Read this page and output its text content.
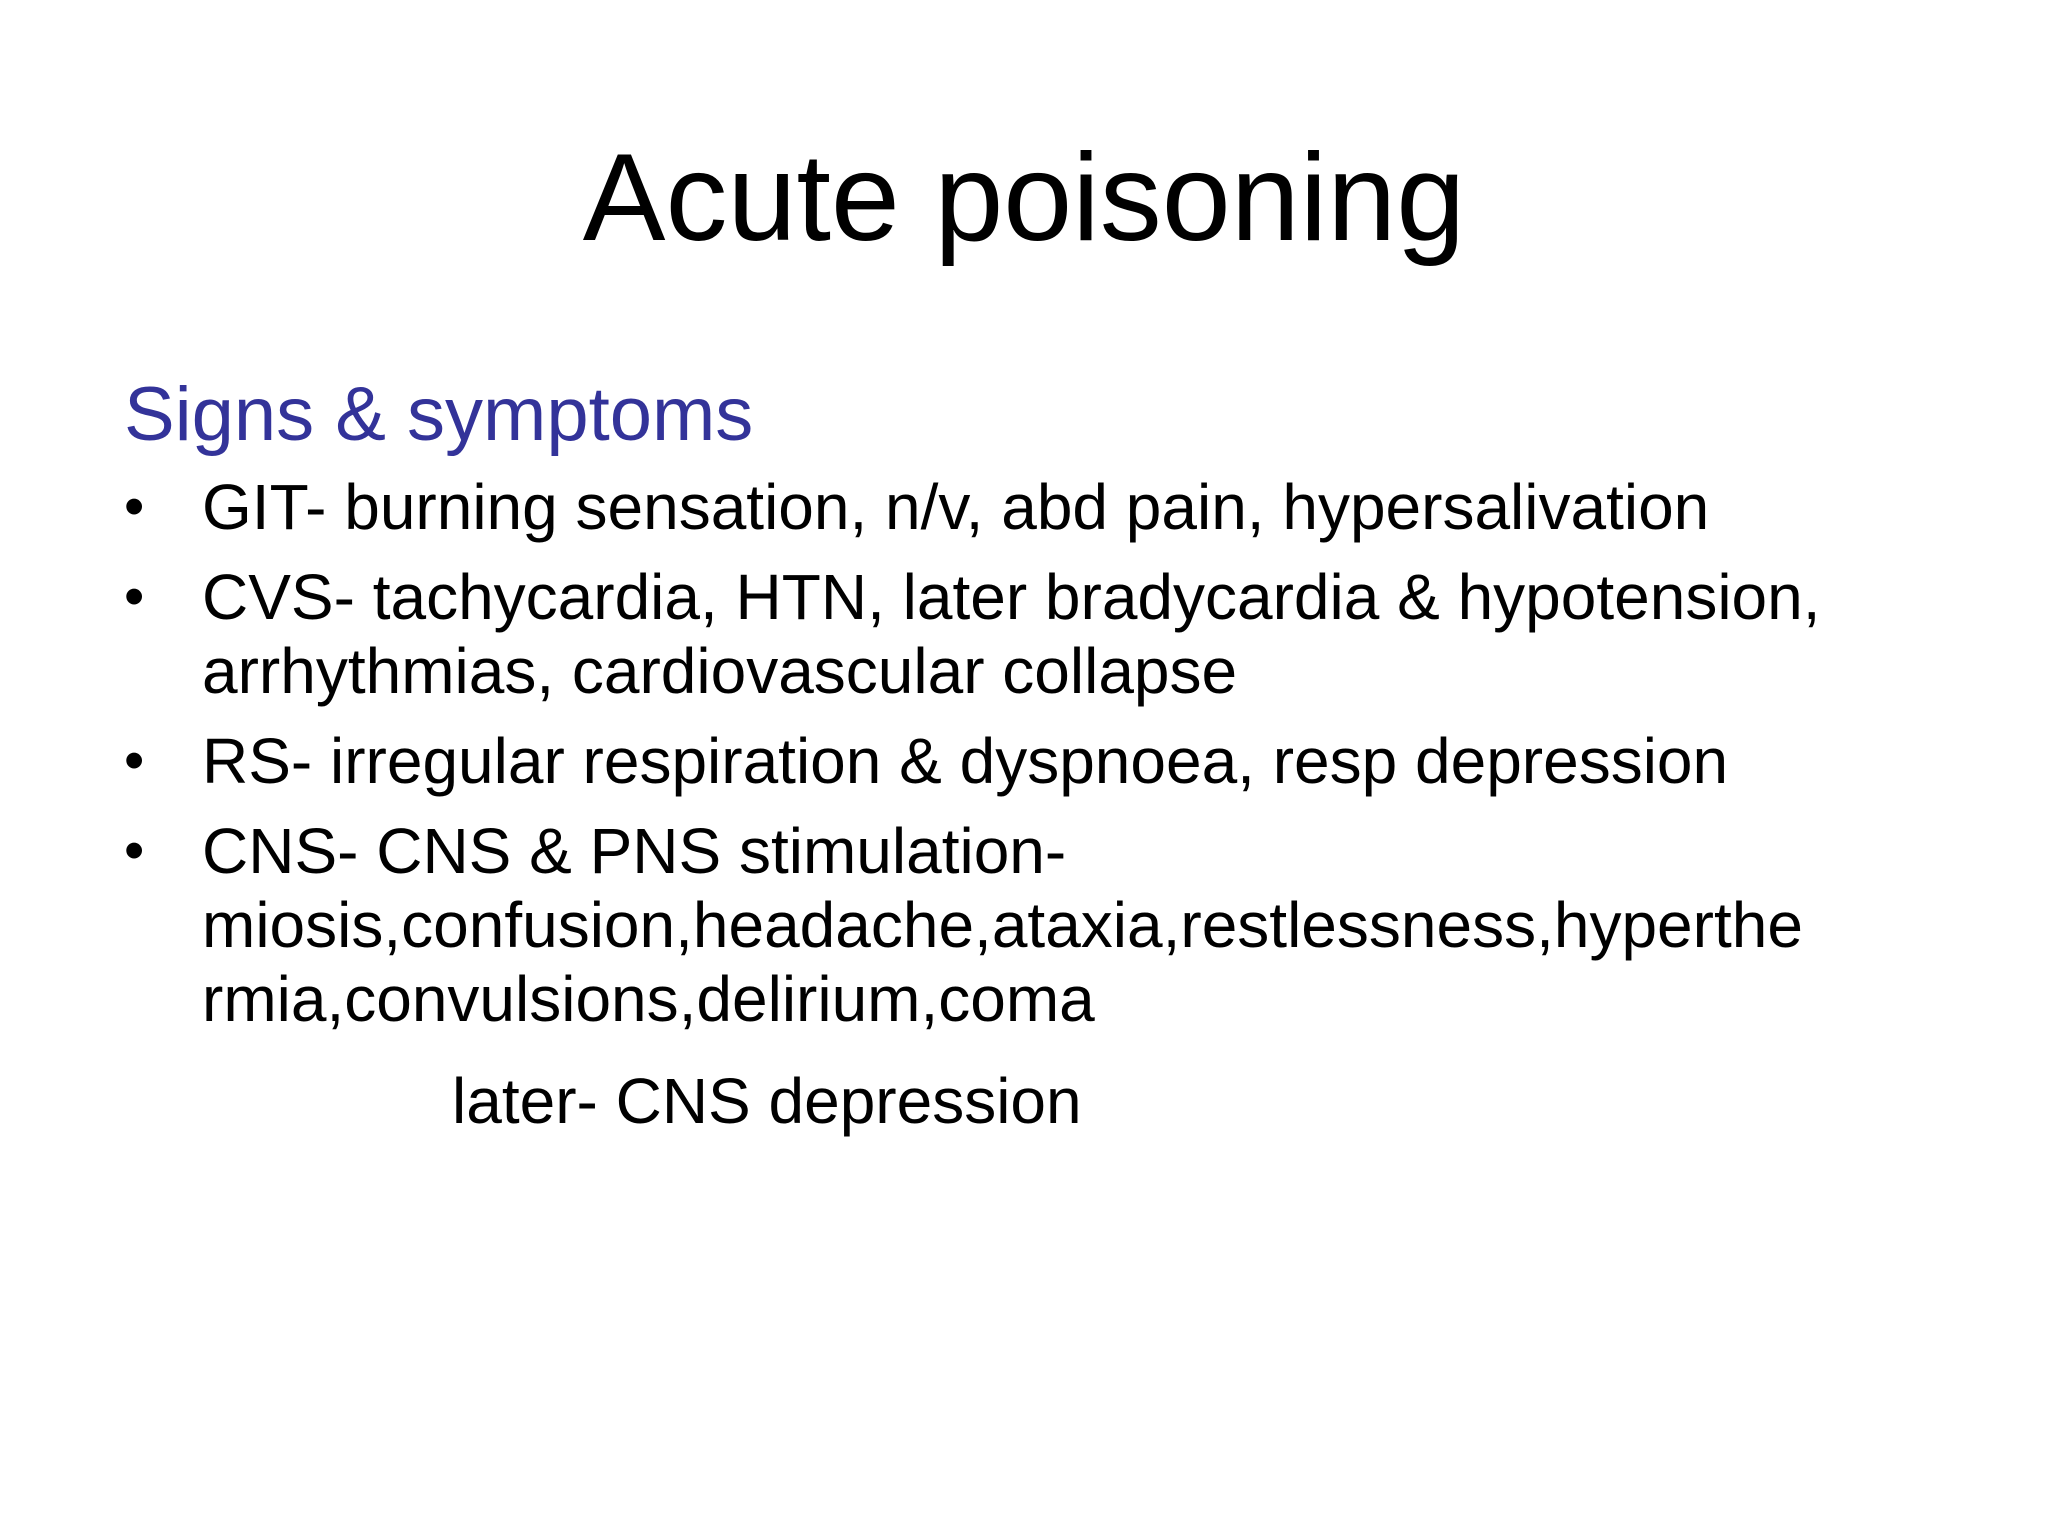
Acute poisoning

Signs & symptoms

• GIT- burning sensation, n/v, abd pain, hypersalivation
• CVS- tachycardia, HTN, later bradycardia & hypotension,
arrhythmias, cardiovascular collapse
• RS- irregular respiration & dyspnoea, resp depression
• CNS- CNS & PNS stimulation-
miosis,confusion,headache,ataxia,restlessness,hyperthe
rmia,convulsions,delirium,coma

later- CNS depression
